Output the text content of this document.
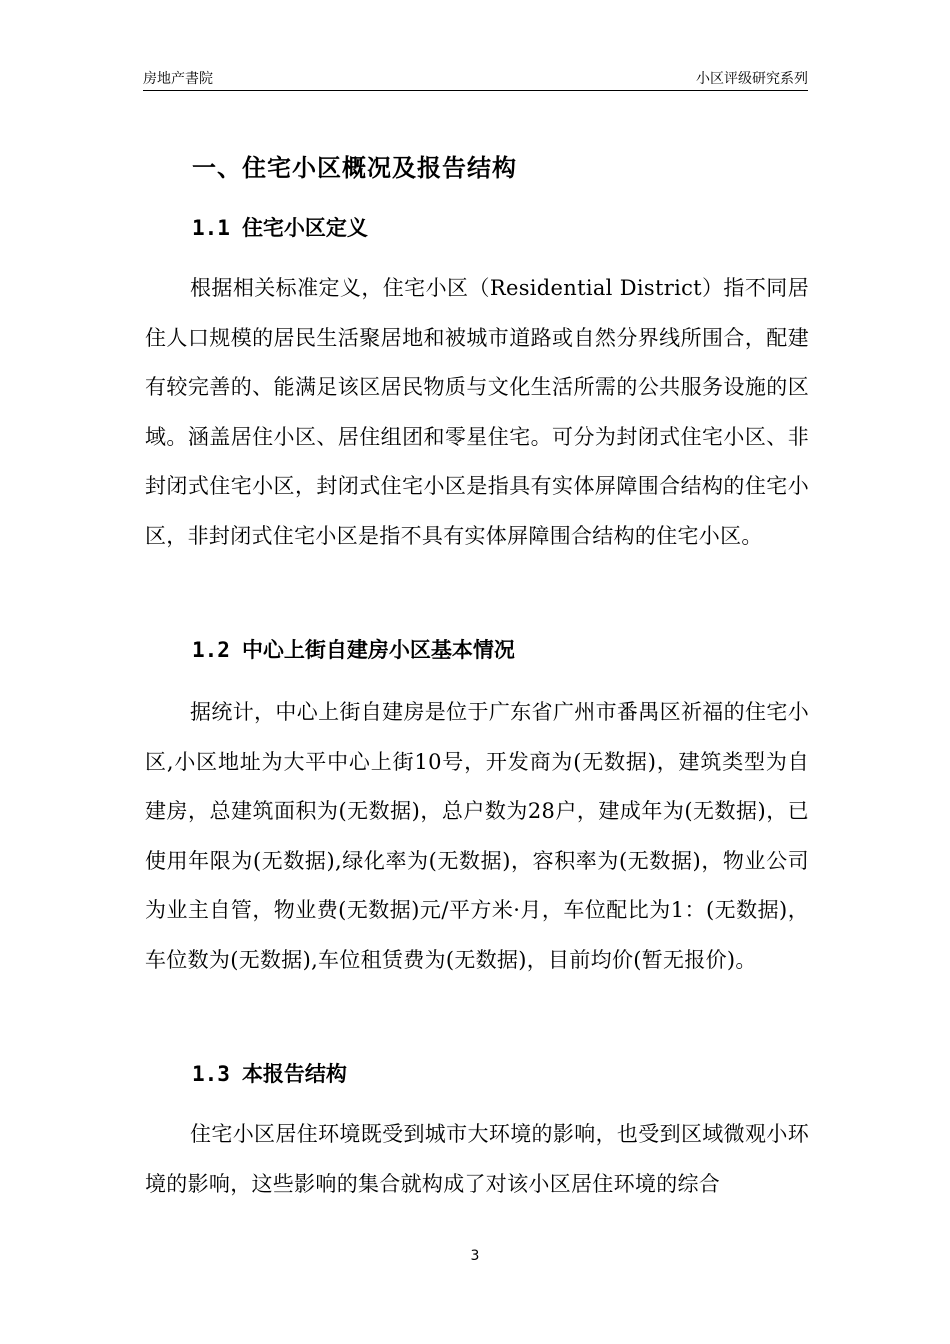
房地产書院	小区评级研究系列
一、住宅小区概况及报告结构
1.1 住宅小区定义

根据相关标准定义，住宅小区（Residential District）指不同居住人口规模的居民生活聚居地和被城市道路或自然分界线所围合，配建有较完善的、能满足该区居民物质与文化生活所需的公共服务设施的区域。涵盖居住小区、居住组团和零星住宅。可分为封闭式住宅小区、非封闭式住宅小区，封闭式住宅小区是指具有实体屏障围合结构的住宅小区，非封闭式住宅小区是指不具有实体屏障围合结构的住宅小区。

1.2 中心上街自建房小区基本情况

据统计，中心上街自建房是位于广东省广州市番禺区祈福的住宅小区,小区地址为大平中心上街10号，开发商为(无数据)，建筑类型为自建房，总建筑面积为(无数据)，总户数为28户，建成年为(无数据)，已使用年限为(无数据),绿化率为(无数据)，容积率为(无数据)，物业公司为业主自管，物业费(无数据)元/平方米·月，车位配比为1：(无数据)，车位数为(无数据),车位租赁费为(无数据)，目前均价(暂无报价)。

1.3 本报告结构

住宅小区居住环境既受到城市大环境的影响，也受到区域微观小环境的影响，这些影响的集合就构成了对该小区居住环境的综合

3
